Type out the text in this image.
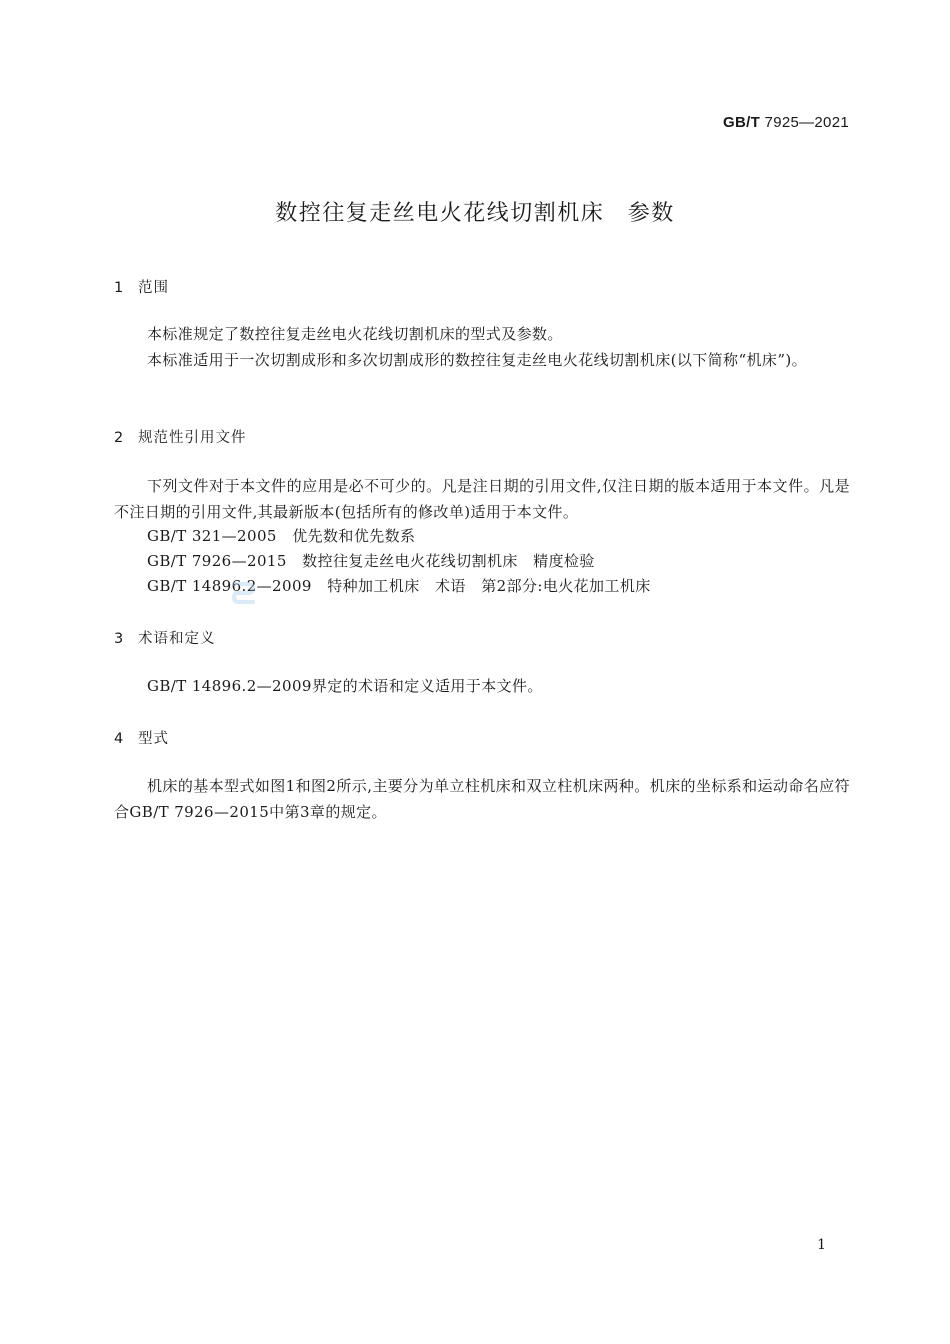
GB/T 7925—2021
数控往复走丝电火花线切割机床　参数
1 范围
本标准规定了数控往复走丝电火花线切割机床的型式及参数。
本标准适用于一次切割成形和多次切割成形的数控往复走丝电火花线切割机床(以下简称“机床”)。
2 规范性引用文件
下列文件对于本文件的应用是必不可少的。凡是注日期的引用文件,仅注日期的版本适用于本文件。凡是不注日期的引用文件,其最新版本(包括所有的修改单)适用于本文件。
GB/T 321—2005　优先数和优先数系
GB/T 7926—2015　数控往复走丝电火花线切割机床　精度检验
GB/T 14896.2—2009　特种加工机床　术语　第2部分:电火花加工机床
3 术语和定义
GB/T 14896.2—2009界定的术语和定义适用于本文件。
4 型式
机床的基本型式如图1和图2所示,主要分为单立柱机床和双立柱机床两种。机床的坐标系和运动命名应符合GB/T 7926—2015中第3章的规定。
1
